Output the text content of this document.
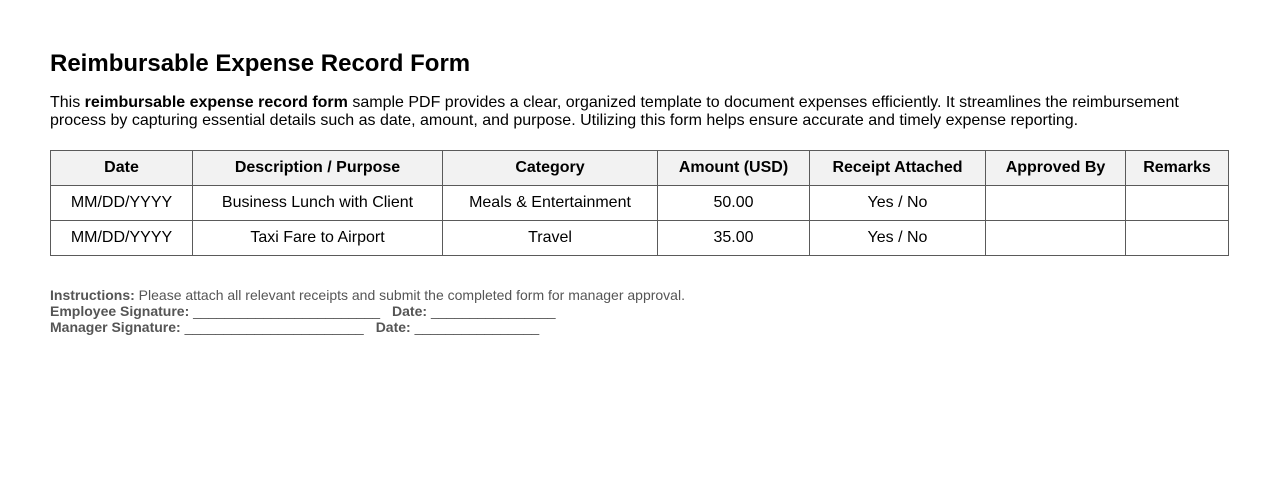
Reimbursable Expense Record Form

This reimbursable expense record form sample PDF provides a clear, organized template to document expenses efficiently. It streamlines the reimbursement process by capturing essential details such as date, amount, and purpose. Utilizing this form helps ensure accurate and timely expense reporting.

Date	Description / Purpose	Category	Amount (USD)	Receipt Attached	Approved By	Remarks
MM/DD/YYYY	Business Lunch with Client	Meals & Entertainment	50.00	Yes / No		
MM/DD/YYYY	Taxi Fare to Airport	Travel	35.00	Yes / No		
Instructions: Please attach all relevant receipts and submit the completed form for manager approval.
Employee Signature: ________________________ Date: ________________
Manager Signature: _______________________ Date: ________________
